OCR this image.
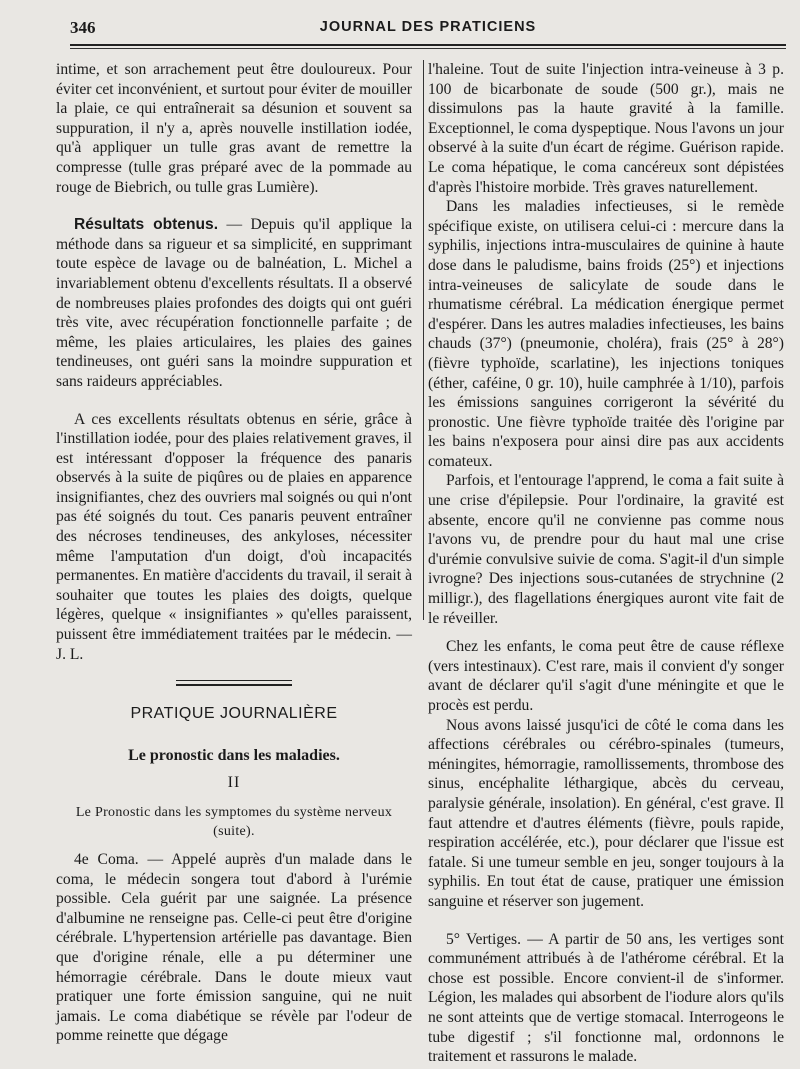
346	JOURNAL DES PRATICIENS

intime, et son arrachement peut être douloureux. Pour éviter cet inconvénient, et surtout pour éviter de mouiller la plaie, ce qui entraînerait sa désunion et souvent sa suppuration, il n'y a, après nouvelle instillation iodée, qu'à appliquer un tulle gras avant de remettre la compresse (tulle gras préparé avec de la pommade au rouge de Biebrich, ou tulle gras Lumière).

Résultats obtenus. — Depuis qu'il applique la méthode dans sa rigueur et sa simplicité, en supprimant toute espèce de lavage ou de balnéation, L. Michel a invariablement obtenu d'excellents résultats. Il a observé de nombreuses plaies profondes des doigts qui ont guéri très vite, avec récupération fonctionnelle parfaite ; de même, les plaies articulaires, les plaies des gaines tendineuses, ont guéri sans la moindre suppuration et sans raideurs appréciables.

A ces excellents résultats obtenus en série, grâce à l'instillation iodée, pour des plaies relativement graves, il est intéressant d'opposer la fréquence des panaris observés à la suite de piqûres ou de plaies en apparence insignifiantes, chez des ouvriers mal soignés ou qui n'ont pas été soignés du tout. Ces panaris peuvent entraîner des nécroses tendineuses, des ankyloses, nécessiter même l'amputation d'un doigt, d'où incapacités permanentes. En matière d'accidents du travail, il serait à souhaiter que toutes les plaies des doigts, quelque légères, quelque « insignifiantes » qu'elles paraissent, puissent être immédiatement traitées par le médecin. — J. L.

PRATIQUE JOURNALIÈRE

Le pronostic dans les maladies.

II

Le Pronostic dans les symptomes du système nerveux (suite).

4e Coma. — Appelé auprès d'un malade dans le coma, le médecin songera tout d'abord à l'urémie possible. Cela guérit par une saignée. La présence d'albumine ne renseigne pas. Celle-ci peut être d'origine cérébrale. L'hypertension artérielle pas davantage. Bien que d'origine rénale, elle a pu déterminer une hémorragie cérébrale. Dans le doute mieux vaut pratiquer une forte émission sanguine, qui ne nuit jamais. Le coma diabétique se révèle par l'odeur de pomme reinette que dégage

l'haleine. Tout de suite l'injection intra-veineuse à 3 p. 100 de bicarbonate de soude (500 gr.), mais ne dissimulons pas la haute gravité à la famille. Exceptionnel, le coma dyspeptique. Nous l'avons un jour observé à la suite d'un écart de régime. Guérison rapide. Le coma hépatique, le coma cancéreux sont dépistées d'après l'histoire morbide. Très graves naturellement.

Dans les maladies infectieuses, si le remède spécifique existe, on utilisera celui-ci : mercure dans la syphilis, injections intra-musculaires de quinine à haute dose dans le paludisme, bains froids (25°) et injections intra-veineuses de salicylate de soude dans le rhumatisme cérébral. La médication énergique permet d'espérer. Dans les autres maladies infectieuses, les bains chauds (37°) (pneumonie, choléra), frais (25° à 28°) (fièvre typhoïde, scarlatine), les injections toniques (éther, caféine, 0 gr. 10), huile camphrée à 1/10), parfois les émissions sanguines corrigeront la sévérité du pronostic. Une fièvre typhoïde traitée dès l'origine par les bains n'exposera pour ainsi dire pas aux accidents comateux.

Parfois, et l'entourage l'apprend, le coma a fait suite à une crise d'épilepsie. Pour l'ordinaire, la gravité est absente, encore qu'il ne convienne pas comme nous l'avons vu, de prendre pour du haut mal une crise d'urémie convulsive suivie de coma. S'agit-il d'un simple ivrogne? Des injections sous-cutanées de strychnine (2 milligr.), des flagellations énergiques auront vite fait de le réveiller.

Chez les enfants, le coma peut être de cause réflexe (vers intestinaux). C'est rare, mais il convient d'y songer avant de déclarer qu'il s'agit d'une méningite et que le procès est perdu.

Nous avons laissé jusqu'ici de côté le coma dans les affections cérébrales ou cérébro-spinales (tumeurs, méningites, hémorragie, ramollissements, thrombose des sinus, encéphalite léthargique, abcès du cerveau, paralysie générale, insolation). En général, c'est grave. Il faut attendre et d'autres éléments (fièvre, pouls rapide, respiration accélérée, etc.), pour déclarer que l'issue est fatale. Si une tumeur semble en jeu, songer toujours à la syphilis. En tout état de cause, pratiquer une émission sanguine et réserver son jugement.

5° Vertiges. — A partir de 50 ans, les vertiges sont communément attribués à de l'athérome cérébral. Et la chose est possible. Encore convient-il de s'informer. Légion, les malades qui absorbent de l'iodure alors qu'ils ne sont atteints que de vertige stomacal. Interrogeons le tube digestif ; s'il fonctionne mal, ordonnons le traitement et rassurons le malade.
